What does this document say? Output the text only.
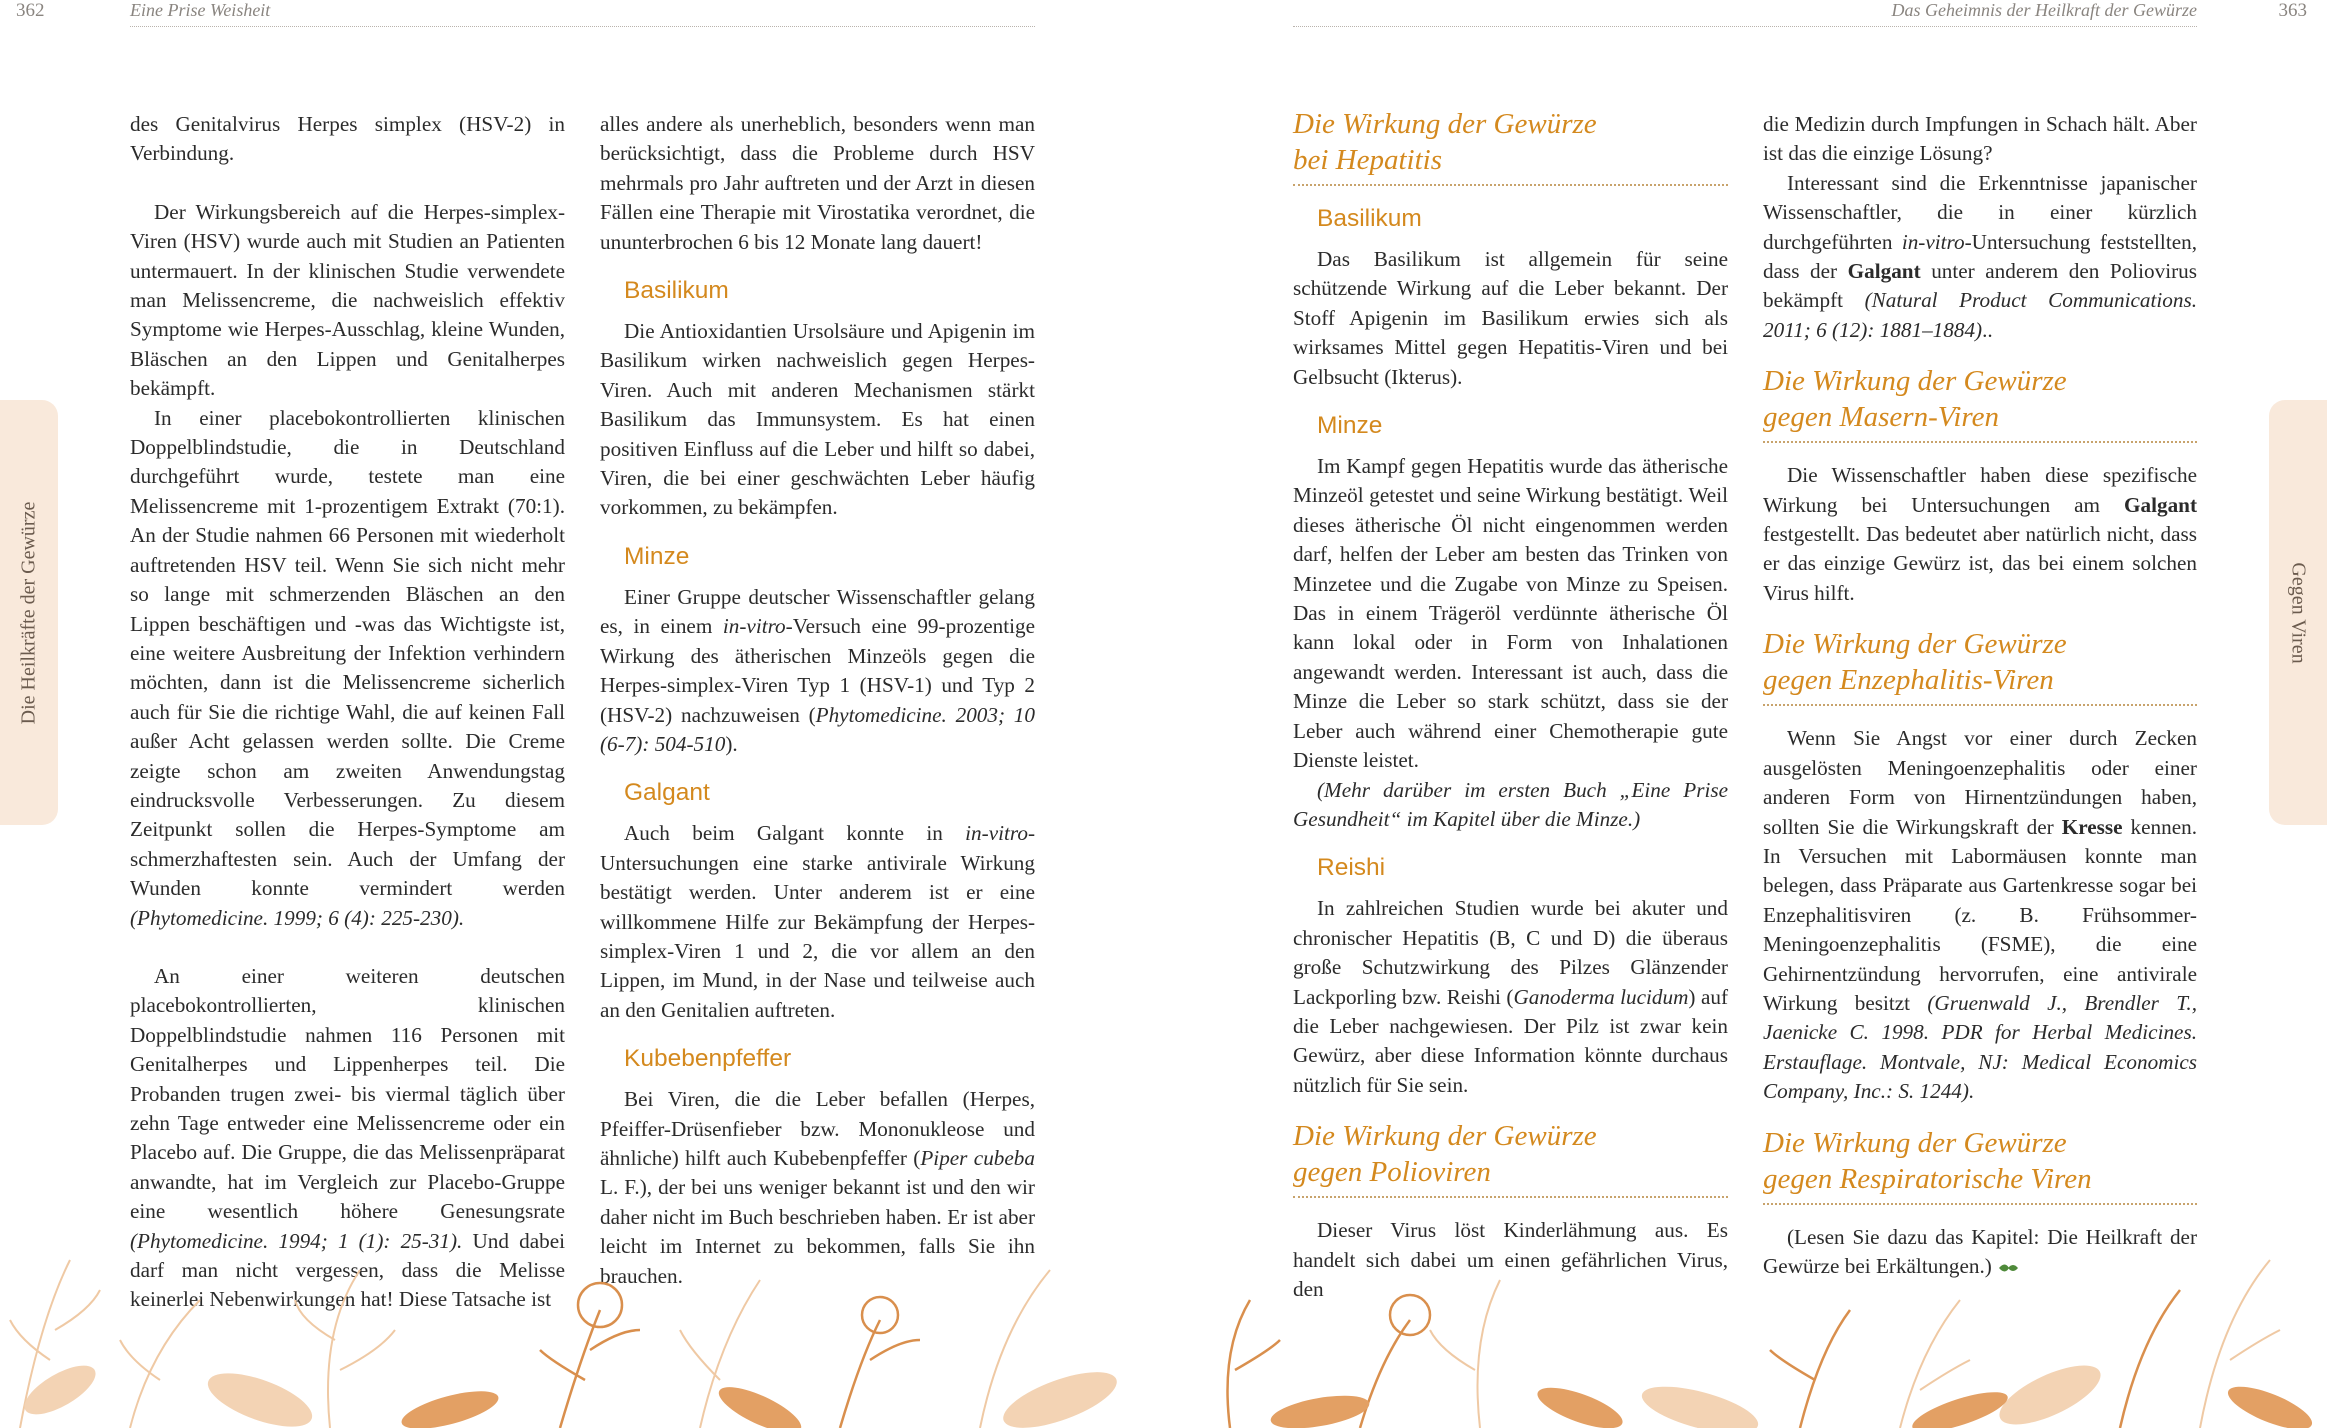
362	Eine Prise Weisheit	Das Geheimnis der Heilkraft der Gewürze	363
Die Heilkräfte der Gewürze	Gegen Viren

des Genitalvirus Herpes simplex (HSV-2) in Verbindung.

Der Wirkungsbereich auf die Herpes-simplex-Viren (HSV) wurde auch mit Studien an Patienten untermauert. In der klinischen Studie verwendete man Melissencreme, die nachweislich effektiv Symptome wie Herpes-Ausschlag, kleine Wunden, Bläschen an den Lippen und Genitalherpes bekämpft.

In einer placebokontrollierten klinischen Doppelblindstudie, die in Deutschland durchgeführt wurde, testete man eine Melissencreme mit 1-prozentigem Extrakt (70:1). An der Studie nahmen 66 Personen mit wiederholt auftretenden HSV teil. Wenn Sie sich nicht mehr so lange mit schmerzenden Bläschen an den Lippen beschäftigen und -was das Wichtigste ist, eine weitere Ausbreitung der Infektion verhindern möchten, dann ist die Melissencreme sicherlich auch für Sie die richtige Wahl, die auf keinen Fall außer Acht gelassen werden sollte. Die Creme zeigte schon am zweiten Anwendungstag eindrucksvolle Verbesserungen. Zu diesem Zeitpunkt sollen die Herpes-Symptome am schmerzhaftesten sein. Auch der Umfang der Wunden konnte vermindert werden (Phytomedicine. 1999; 6 (4): 225-230).

An einer weiteren deutschen placebokontrollierten, klinischen Doppelblindstudie nahmen 116 Personen mit Genitalherpes und Lippenherpes teil. Die Probanden trugen zwei- bis viermal täglich über zehn Tage entweder eine Melissencreme oder ein Placebo auf. Die Gruppe, die das Melissenpräparat anwandte, hat im Vergleich zur Placebo-Gruppe eine wesentlich höhere Genesungsrate (Phytomedicine. 1994; 1 (1): 25-31). Und dabei darf man nicht vergessen, dass die Melisse keinerlei Nebenwirkungen hat! Diese Tatsache ist

alles andere als unerheblich, besonders wenn man berücksichtigt, dass die Probleme durch HSV mehrmals pro Jahr auftreten und der Arzt in diesen Fällen eine Therapie mit Virostatika verordnet, die ununterbrochen 6 bis 12 Monate lang dauert!

Basilikum

Die Antioxidantien Ursolsäure und Apigenin im Basilikum wirken nachweislich gegen Herpes-Viren. Auch mit anderen Mechanismen stärkt Basilikum das Immunsystem. Es hat einen positiven Einfluss auf die Leber und hilft so dabei, Viren, die bei einer geschwächten Leber häufig vorkommen, zu bekämpfen.

Minze

Einer Gruppe deutscher Wissenschaftler gelang es, in einem in-vitro-Versuch eine 99-prozentige Wirkung des ätherischen Minzeöls gegen die Herpes-simplex-Viren Typ 1 (HSV-1) und Typ 2 (HSV-2) nachzuweisen (Phytomedicine. 2003; 10 (6-7): 504-510).

Galgant

Auch beim Galgant konnte in in-vitro-Untersuchungen eine starke antivirale Wirkung bestätigt werden. Unter anderem ist er eine willkommene Hilfe zur Bekämpfung der Herpes-simplex-Viren 1 und 2, die vor allem an den Lippen, im Mund, in der Nase und teilweise auch an den Genitalien auftreten.

Kubebenpfeffer

Bei Viren, die die Leber befallen (Herpes, Pfeiffer-Drüsenfieber bzw. Mononukleose und ähnliche) hilft auch Kubebenpfeffer (Piper cubeba L. F.), der bei uns weniger bekannt ist und den wir daher nicht im Buch beschrieben haben. Er ist aber leicht im Internet zu bekommen, falls Sie ihn brauchen.

Die Wirkung der Gewürze
bei Hepatitis
Basilikum

Das Basilikum ist allgemein für seine schützende Wirkung auf die Leber bekannt. Der Stoff Apigenin im Basilikum erwies sich als wirksames Mittel gegen Hepatitis-Viren und bei Gelbsucht (Ikterus).

Minze

Im Kampf gegen Hepatitis wurde das ätherische Minzeöl getestet und seine Wirkung bestätigt. Weil dieses ätherische Öl nicht eingenommen werden darf, helfen der Leber am besten das Trinken von Minzetee und die Zugabe von Minze zu Speisen. Das in einem Trägeröl verdünnte ätherische Öl kann lokal oder in Form von Inhalationen angewandt werden. Interessant ist auch, dass die Minze die Leber so stark schützt, dass sie der Leber auch während einer Chemotherapie gute Dienste leistet.

(Mehr darüber im ersten Buch „Eine Prise Gesundheit“ im Kapitel über die Minze.)

Reishi

In zahlreichen Studien wurde bei akuter und chronischer Hepatitis (B, C und D) die überaus große Schutzwirkung des Pilzes Glänzender Lackporling bzw. Reishi (Ganoderma lucidum) auf die Leber nachgewiesen. Der Pilz ist zwar kein Gewürz, aber diese Information könnte durchaus nützlich für Sie sein.

Die Wirkung der Gewürze
gegen Polioviren

Dieser Virus löst Kinderlähmung aus. Es handelt sich dabei um einen gefährlichen Virus, den

die Medizin durch Impfungen in Schach hält. Aber ist das die einzige Lösung?

Interessant sind die Erkenntnisse japanischer Wissenschaftler, die in einer kürzlich durchgeführten in-vitro-Untersuchung feststellten, dass der Galgant unter anderem den Poliovirus bekämpft (Natural Product Communications. 2011; 6 (12): 1881–1884)..

Die Wirkung der Gewürze
gegen Masern-Viren

Die Wissenschaftler haben diese spezifische Wirkung bei Untersuchungen am Galgant festgestellt. Das bedeutet aber natürlich nicht, dass er das einzige Gewürz ist, das bei einem solchen Virus hilft.

Die Wirkung der Gewürze
gegen Enzephalitis-Viren

Wenn Sie Angst vor einer durch Zecken ausgelösten Meningoenzephalitis oder einer anderen Form von Hirnentzündungen haben, sollten Sie die Wirkungskraft der Kresse kennen. In Versuchen mit Labormäusen konnte man belegen, dass Präparate aus Gartenkresse sogar bei Enzephalitisviren (z. B. Frühsommer-Meningoenzephalitis (FSME), die eine Gehirnentzündung hervorrufen, eine antivirale Wirkung besitzt (Gruenwald J., Brendler T., Jaenicke C. 1998. PDR for Herbal Medicines. Erstauflage. Montvale, NJ: Medical Economics Company, Inc.: S. 1244).

Die Wirkung der Gewürze
gegen Respiratorische Viren

(Lesen Sie dazu das Kapitel: Die Heilkraft der Gewürze bei Erkältungen.)
